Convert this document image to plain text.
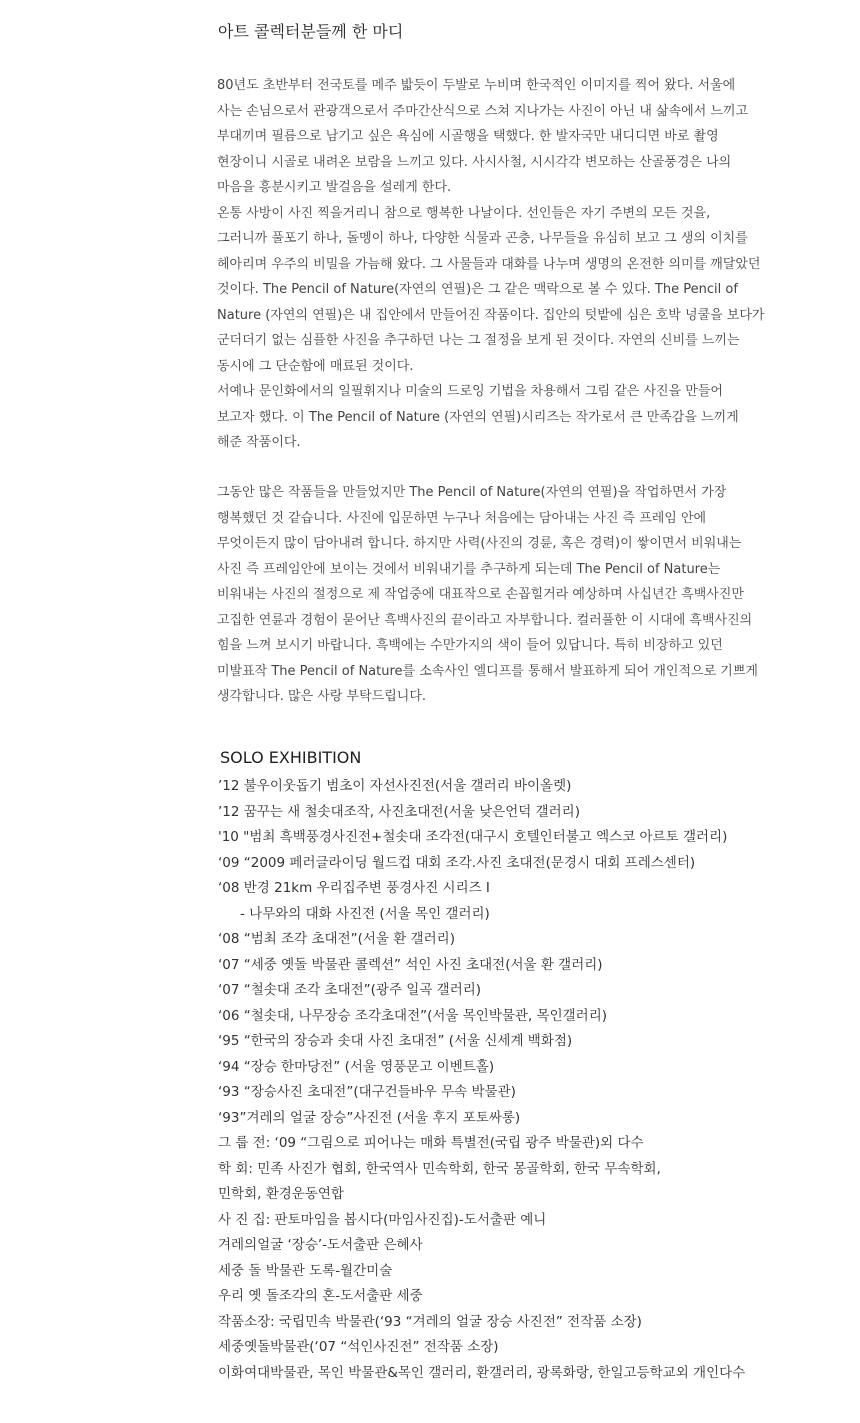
아트 콜렉터분들께 한 마디
80년도 초반부터 전국토를 메주 밟듯이 두발로 누비며 한국적인 이미지를 찍어 왔다. 서울에
사는 손님으로서 관광객으로서 주마간산식으로 스쳐 지나가는 사진이 아닌 내 삶속에서 느끼고
부대끼며 필름으로 남기고 싶은 욕심에 시골행을 택했다. 한 발자국만 내디디면 바로 촬영
현장이니 시골로 내려온 보람을 느끼고 있다. 사시사철, 시시각각 변모하는 산골풍경은 나의
마음을 흥분시키고 발걸음을 설레게 한다.
온통 사방이 사진 찍을거리니 참으로 행복한 나날이다. 선인들은 자기 주변의 모든 것을,
그러니까 풀포기 하나, 돌멩이 하나, 다양한 식물과 곤충, 나무들을 유심히 보고 그 생의 이치를
헤아리며 우주의 비밀을 가늠해 왔다. 그 사물들과 대화를 나누며 생명의 온전한 의미를 깨달았던
것이다. The Pencil of Nature(자연의 연필)은 그 같은 맥락으로 볼 수 있다. The Pencil of
Nature (자연의 연필)은 내 집안에서 만들어진 작품이다. 집안의 텃밭에 심은 호박 넝쿨을 보다가
군더더기 없는 심플한 사진을 추구하던 나는 그 절정을 보게 된 것이다. 자연의 신비를 느끼는
동시에 그 단순함에 매료된 것이다.
서예나 문인화에서의 일필휘지나 미술의 드로잉 기법을 차용해서 그림 같은 사진을 만들어
보고자 했다. 이 The Pencil of Nature (자연의 연필)시리즈는 작가로서 큰 만족감을 느끼게
해준 작품이다.
그동안 많은 작품들을 만들었지만 The Pencil of Nature(자연의 연필)을 작업하면서 가장
행복했던 것 같습니다. 사진에 입문하면 누구나 처음에는 담아내는 사진 즉 프레임 안에
무엇이든지 많이 담아내려 합니다. 하지만 사력(사진의 경륜, 혹은 경력)이 쌓이면서 비워내는
사진 즉 프레임안에 보이는 것에서 비워내기를 추구하게 되는데 The Pencil of Nature는
비워내는 사진의 절정으로 제 작업중에 대표작으로 손꼽힐거라 예상하며 사십년간 흑백사진만
고집한 연륜과 경험이 묻어난 흑백사진의 끝이라고 자부합니다. 컬러풀한 이 시대에 흑백사진의
힘을 느껴 보시기 바랍니다. 흑백에는 수만가지의 색이 들어 있답니다. 특히 비장하고 있던
미발표작 The Pencil of Nature를 소속사인 엘디프를 통해서 발표하게 되어 개인적으로 기쁘게
생각합니다. 많은 사랑 부탁드립니다.
SOLO EXHIBITION
’12 불우이웃돕기 범초이 자선사진전(서울 갤러리 바이올렛)
’12 꿈꾸는 새 철솟대조작, 사진초대전(서울 낮은언덕 갤러리)
'10 "범최 흑백풍경사진전+철솟대 조각전(대구시 호텔인터불고 엑스코 아르토 갤러리)
‘09 “2009 페러글라이딩 월드컵 대회 조각.사진 초대전(문경시 대회 프레스센터)
‘08 반경 21km 우리집주변 풍경사진 시리즈 Ⅰ
- 나무와의 대화 사진전 (서울 목인 갤러리)
‘08 “범최 조각 초대전”(서울 환 갤러리)
‘07 “세중 옛돌 박물관 콜렉션” 석인 사진 초대전(서울 환 갤러리)
‘07 “철솟대 조각 초대전”(광주 일곡 갤러리)
‘06 “철솟대, 나무장승 조각초대전”(서울 목인박물관, 목인갤러리)
‘95 “한국의 장승과 솟대 사진 초대전” (서울 신세계 백화점)
‘94 “장승 한마당전” (서울 영풍문고 이벤트홀)
‘93 “장승사진 초대전”(대구건들바우 무속 박물관)
‘93”겨레의 얼굴 장승”사진전 (서울 후지 포토싸롱)
그 룹 전: ‘09 “그림으로 피어나는 매화 특별전(국립 광주 박물관)외 다수
학 회: 민족 사진가 협회, 한국역사 민속학회, 한국 몽골학회, 한국 무속학회,
민학회, 환경운동연합
사 진 집: 판토마임을 봅시다(마임사진집)-도서출판 예니
겨레의얼굴 ‘장승’-도서출판 은혜사
세중 돌 박물관 도록-월간미술
우리 옛 돌조각의 혼-도서출판 세중
작품소장: 국립민속 박물관(‘93 “겨레의 얼굴 장승 사진전” 전작품 소장)
세중옛돌박물관(‘07 “석인사진전” 전작품 소장)
이화여대박물관, 목인 박물관&목인 갤러리, 환갤러리, 광록화랑, 한일고등학교외 개인다수
